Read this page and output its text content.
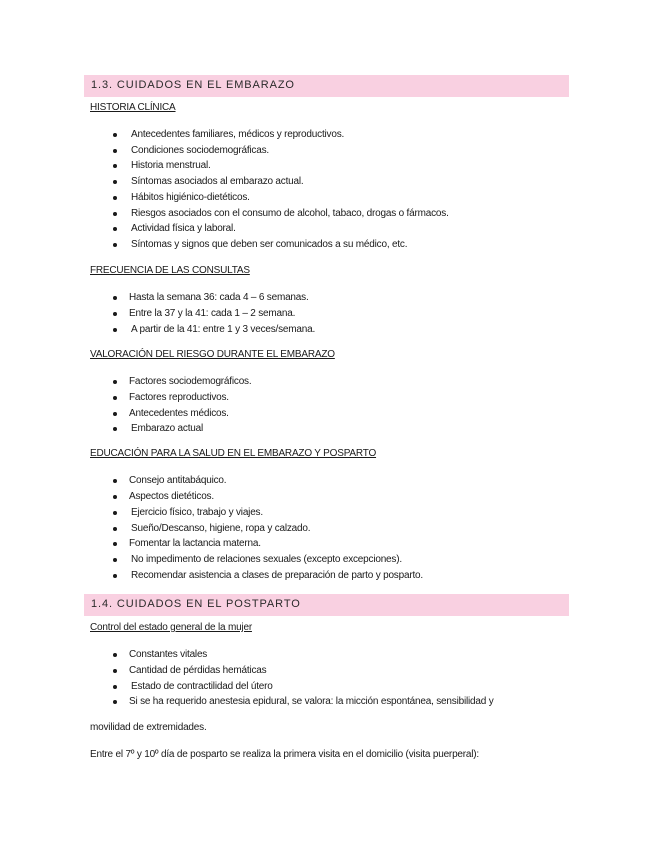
1.3. CUIDADOS EN EL EMBARAZO
HISTORIA CLÍNICA
Antecedentes familiares, médicos y reproductivos.
Condiciones sociodemográficas.
Historia menstrual.
Síntomas asociados al embarazo actual.
Hábitos higiénico-dietéticos.
Riesgos asociados con el consumo de alcohol, tabaco, drogas o fármacos.
Actividad física y laboral.
Síntomas y signos que deben ser comunicados a su médico, etc.
FRECUENCIA DE LAS CONSULTAS
Hasta la semana 36: cada 4 – 6 semanas.
Entre la 37 y la 41: cada 1 – 2 semana.
A partir de la 41: entre 1 y 3 veces/semana.
VALORACIÓN DEL RIESGO DURANTE EL EMBARAZO
Factores sociodemográficos.
Factores reproductivos.
Antecedentes médicos.
Embarazo actual
EDUCACIÓN PARA LA SALUD EN EL EMBARAZO Y POSPARTO
Consejo antitabáquico.
Aspectos dietéticos.
Ejercicio físico, trabajo y viajes.
Sueño/Descanso, higiene, ropa y calzado.
Fomentar la lactancia materna.
No impedimento de relaciones sexuales (excepto excepciones).
Recomendar asistencia a clases de preparación de parto y posparto.
1.4. CUIDADOS EN EL POSTPARTO
Control del estado general de la mujer
Constantes vitales
Cantidad de pérdidas hemáticas
Estado de contractilidad del útero
Si se ha requerido anestesia epidural, se valora: la micción espontánea, sensibilidad y
movilidad de extremidades.
Entre el 7º y 10º día de posparto se realiza la primera visita en el domicilio (visita puerperal):
